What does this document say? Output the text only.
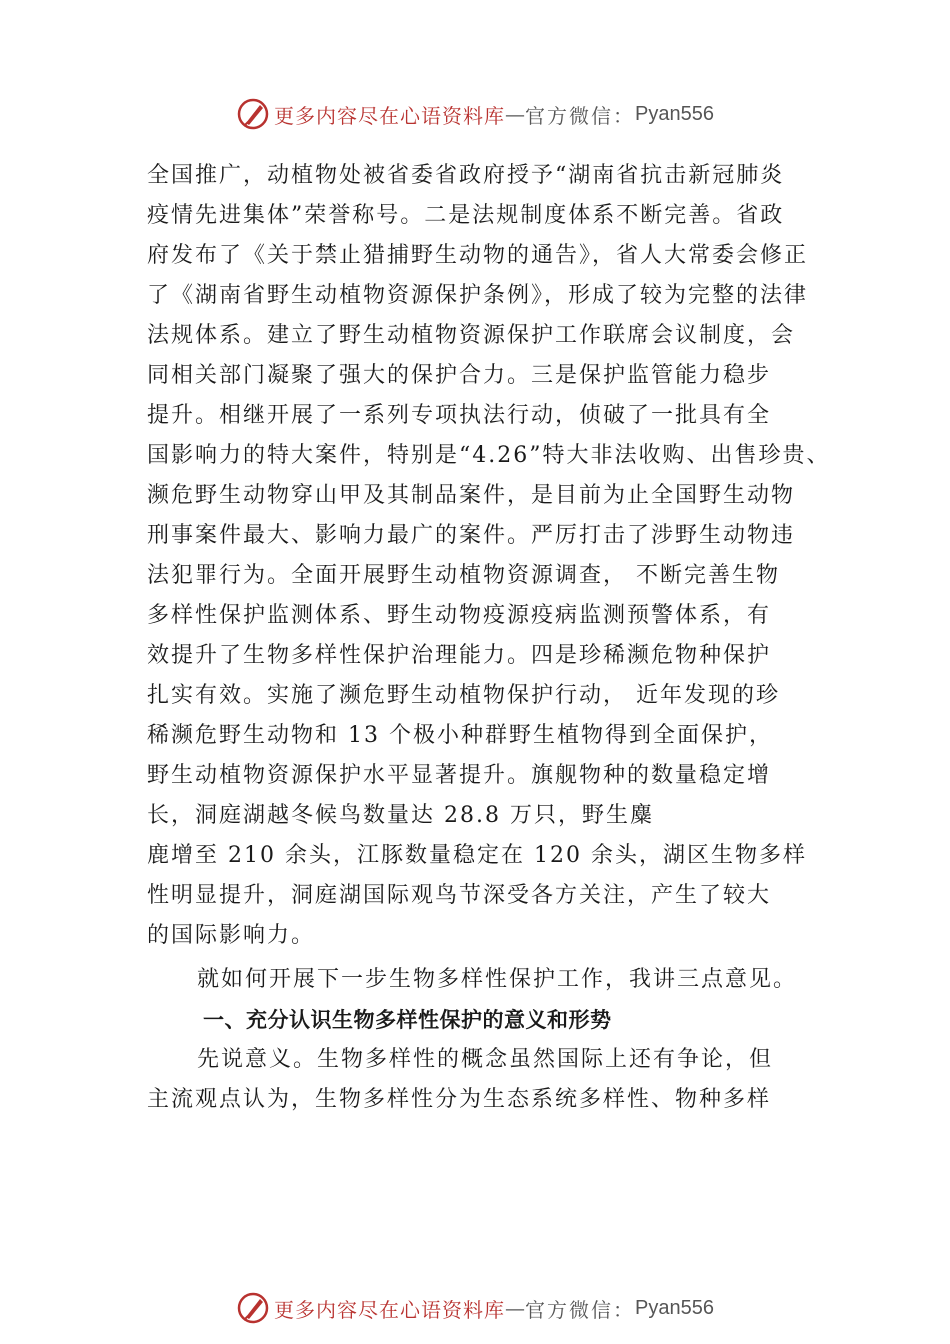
更多内容尽在心语资料库 — 官方微信： Pyan556
全国推广，动植物处被省委省政府授予“湖南省抗击新冠肺炎
疫情先进集体”荣誉称号。二是法规制度体系不断完善。省政
府发布了《关于禁止猎捕野生动物的通告》，省人大常委会修正
了《湖南省野生动植物资源保护条例》，形成了较为完整的法律
法规体系。建立了野生动植物资源保护工作联席会议制度，会
同相关部门凝聚了强大的保护合力。三是保护监管能力稳步
提升。相继开展了一系列专项执法行动，侦破了一批具有全
国影响力的特大案件，特别是“4.26”特大非法收购、出售珍贵、
濒危野生动物穿山甲及其制品案件，是目前为止全国野生动物
刑事案件最大、影响力最广的案件。严厉打击了涉野生动物违
法犯罪行为。全面开展野生动植物资源调查， 不断完善生物
多样性保护监测体系、野生动物疫源疫病监测预警体系，有
效提升了生物多样性保护治理能力。四是珍稀濒危物种保护
扎实有效。实施了濒危野生动植物保护行动， 近年发现的珍
稀濒危野生动物和 13 个极小种群野生植物得到全面保护，
野生动植物资源保护水平显著提升。旗舰物种的数量稳定增
长，洞庭湖越冬候鸟数量达 28.8 万只，野生麋
鹿增至 210 余头，江豚数量稳定在 120 余头，湖区生物多样
性明显提升，洞庭湖国际观鸟节深受各方关注，产生了较大
的国际影响力。
就如何开展下一步生物多样性保护工作，我讲三点意见。
一、充分认识生物多样性保护的意义和形势
先说意义。生物多样性的概念虽然国际上还有争论，但
主流观点认为，生物多样性分为生态系统多样性、物种多样
更多内容尽在心语资料库 — 官方微信： Pyan556
